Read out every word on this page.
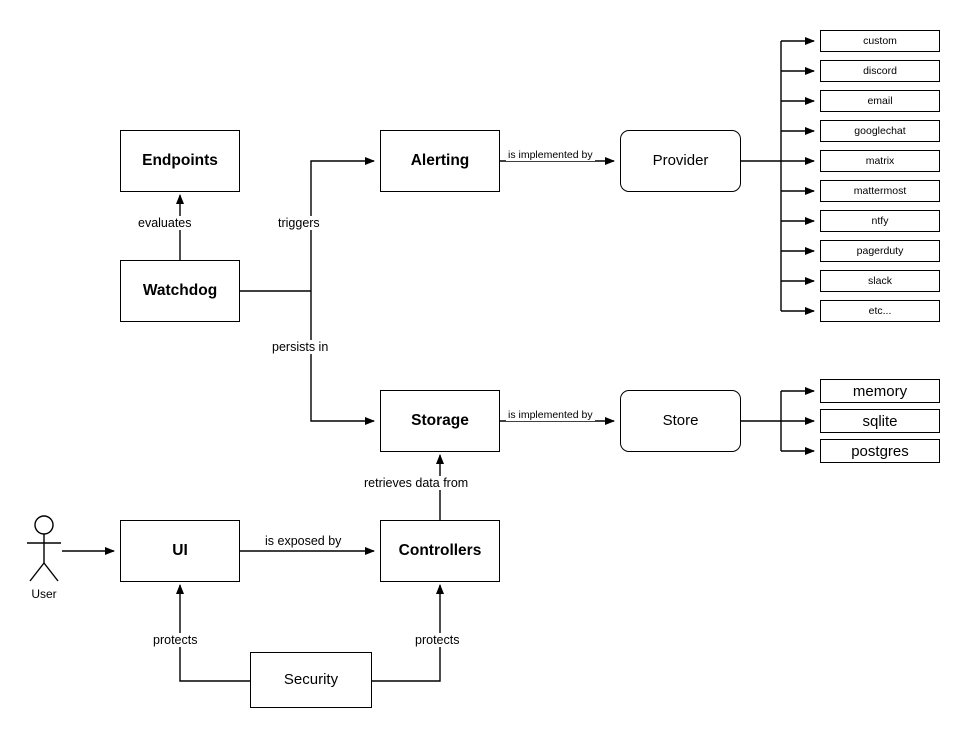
Endpoints
Watchdog
Alerting	Provider
Storage	Store
UI	Controllers
Security
custom
discord
email
googlechat
matrix
mattermost
ntfy
pagerduty
slack
etc...
memory
sqlite
postgres
evaluates	triggers
persists in
is implemented by
is implemented by
retrieves data from
is exposed by
protects	protects
User
